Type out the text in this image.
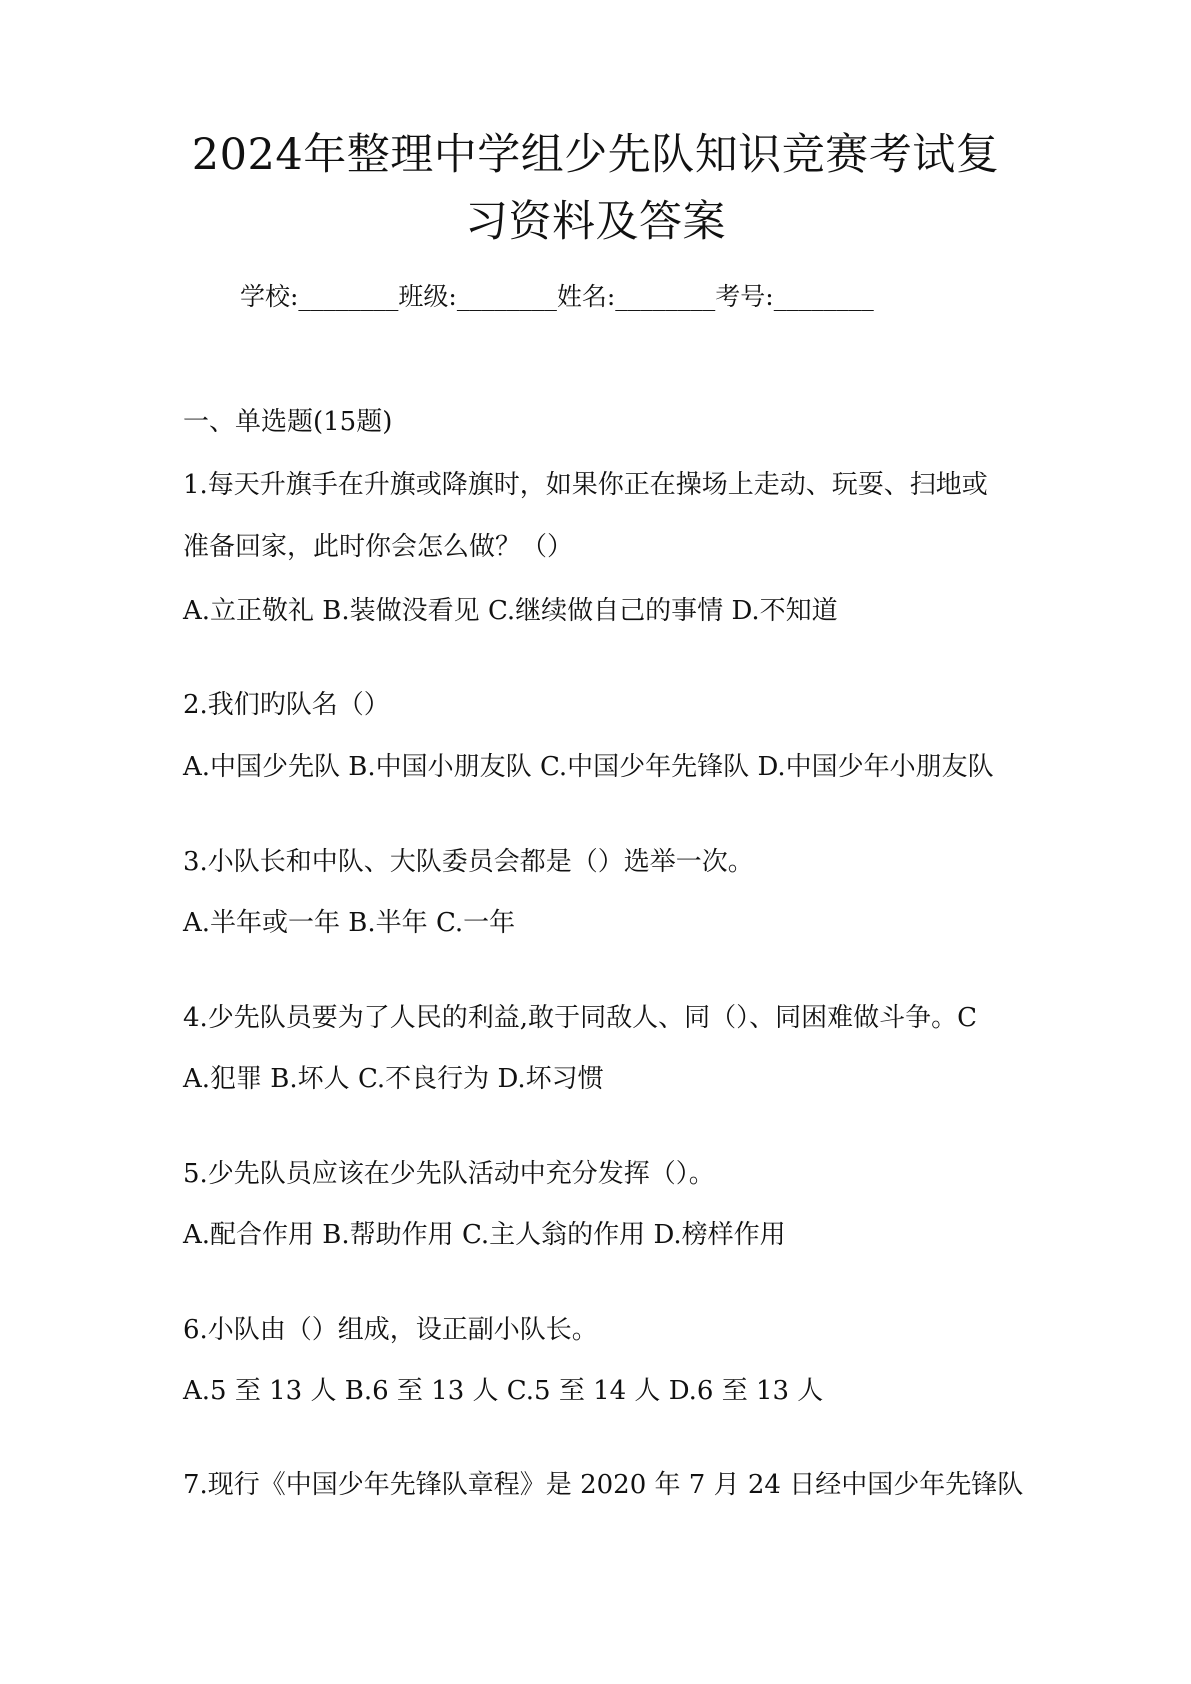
2024年整理中学组少先队知识竞赛考试复
习资料及答案
学校:________班级:________姓名:________考号:________
一、单选题(15题)
1.每天升旗手在升旗或降旗时，如果你正在操场上走动、玩耍、扫地或
准备回家，此时你会怎么做？（）
A.立正敬礼 B.装做没看见 C.继续做自己的事情 D.不知道
2.我们旳队名（）
A.中国少先队 B.中国小朋友队 C.中国少年先锋队 D.中国少年小朋友队
3.小队长和中队、大队委员会都是（）选举一次。
A.半年或一年 B.半年 C.一年
4.少先队员要为了人民的利益,敢于同敌人、同（）、同困难做斗争。C
A.犯罪 B.坏人 C.不良行为 D.坏习惯
5.少先队员应该在少先队活动中充分发挥（）。
A.配合作用 B.帮助作用 C.主人翁的作用 D.榜样作用
6.小队由（）组成，设正副小队长。
A.5 至 13 人 B.6 至 13 人 C.5 至 14 人 D.6 至 13 人
7.现行《中国少年先锋队章程》是 2020 年 7 月 24 日经中国少年先锋队
